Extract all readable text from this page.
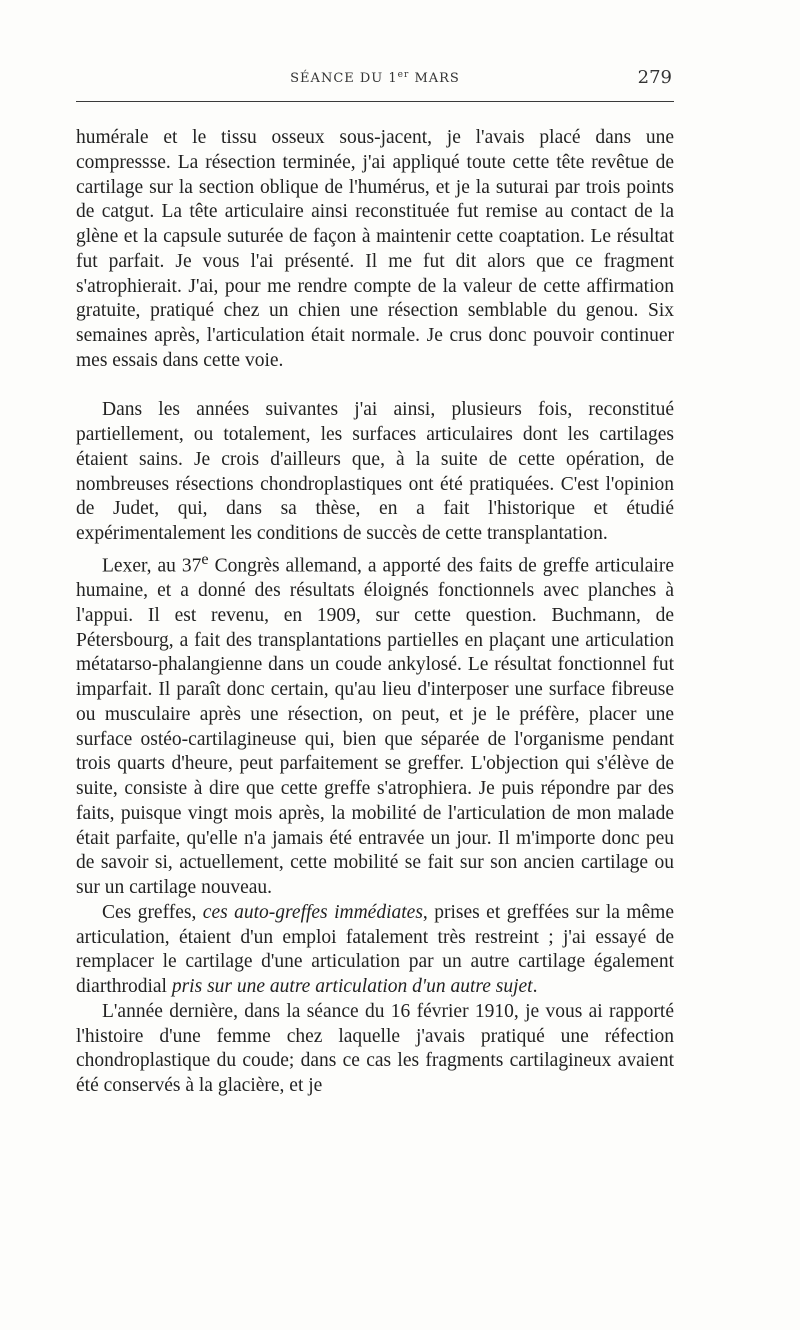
SÉANCE DU 1er MARS	279

humérale et le tissu osseux sous-jacent, je l'avais placé dans une compressse. La résection terminée, j'ai appliqué toute cette tête revêtue de cartilage sur la section oblique de l'humérus, et je la suturai par trois points de catgut. La tête articulaire ainsi reconstituée fut remise au contact de la glène et la capsule suturée de façon à maintenir cette coaptation. Le résultat fut parfait. Je vous l'ai présenté. Il me fut dit alors que ce fragment s'atrophierait. J'ai, pour me rendre compte de la valeur de cette affirmation gratuite, pratiqué chez un chien une résection semblable du genou. Six semaines après, l'articulation était normale. Je crus donc pouvoir continuer mes essais dans cette voie.

Dans les années suivantes j'ai ainsi, plusieurs fois, reconstitué partiellement, ou totalement, les surfaces articulaires dont les cartilages étaient sains. Je crois d'ailleurs que, à la suite de cette opération, de nombreuses résections chondroplastiques ont été pratiquées. C'est l'opinion de Judet, qui, dans sa thèse, en a fait l'historique et étudié expérimentalement les conditions de succès de cette transplantation.

Lexer, au 37e Congrès allemand, a apporté des faits de greffe articulaire humaine, et a donné des résultats éloignés fonctionnels avec planches à l'appui. Il est revenu, en 1909, sur cette question. Buchmann, de Pétersbourg, a fait des transplantations partielles en plaçant une articulation métatarso-phalangienne dans un coude ankylosé. Le résultat fonctionnel fut imparfait. Il paraît donc certain, qu'au lieu d'interposer une surface fibreuse ou musculaire après une résection, on peut, et je le préfère, placer une surface ostéo-cartilagineuse qui, bien que séparée de l'organisme pendant trois quarts d'heure, peut parfaitement se greffer. L'objection qui s'élève de suite, consiste à dire que cette greffe s'atrophiera. Je puis répondre par des faits, puisque vingt mois après, la mobilité de l'articulation de mon malade était parfaite, qu'elle n'a jamais été entravée un jour. Il m'importe donc peu de savoir si, actuellement, cette mobilité se fait sur son ancien cartilage ou sur un cartilage nouveau.

Ces greffes, ces auto-greffes immédiates, prises et greffées sur la même articulation, étaient d'un emploi fatalement très restreint ; j'ai essayé de remplacer le cartilage d'une articulation par un autre cartilage également diarthrodial pris sur une autre articulation d'un autre sujet.

L'année dernière, dans la séance du 16 février 1910, je vous ai rapporté l'histoire d'une femme chez laquelle j'avais pratiqué une réfection chondroplastique du coude; dans ce cas les fragments cartilagineux avaient été conservés à la glacière, et je
